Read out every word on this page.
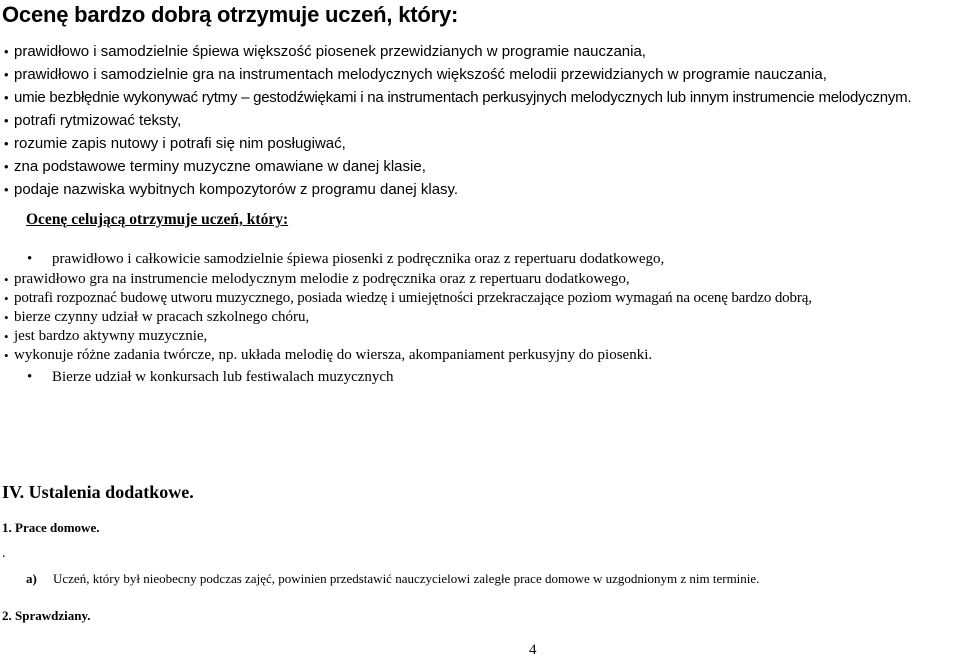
Ocenę bardzo dobrą otrzymuje uczeń, który:
• prawidłowo i samodzielnie śpiewa większość piosenek przewidzianych w programie nauczania,
• prawidłowo i samodzielnie gra na instrumentach melodycznych większość melodii przewidzianych w programie nauczania,
• umie bezbłędnie wykonywać rytmy – gestodźwiękami i na instrumentach perkusyjnych melodycznych lub innym instrumencie melodycznym.
• potrafi rytmizować teksty,
• rozumie zapis nutowy i potrafi się nim posługiwać,
• zna podstawowe terminy muzyczne omawiane w danej klasie,
• podaje nazwiska wybitnych kompozytorów z programu danej klasy.
Ocenę celującą otrzymuje uczeń, który:
• prawidłowo i całkowicie samodzielnie śpiewa piosenki z podręcznika oraz z repertuaru dodatkowego,
• prawidłowo gra na instrumencie melodycznym melodie z podręcznika oraz z repertuaru dodatkowego,
• potrafi rozpoznać budowę utworu muzycznego, posiada wiedzę i umiejętności przekraczające poziom wymagań na ocenę bardzo dobrą,
• bierze czynny udział w pracach szkolnego chóru,
• jest bardzo aktywny muzycznie,
• wykonuje różne zadania twórcze, np. układa melodię do wiersza, akompaniament perkusyjny do piosenki.
• Bierze udział w konkursach lub festiwalach muzycznych
IV. Ustalenia dodatkowe.
1. Prace domowe.
.
a) Uczeń, który był nieobecny podczas zajęć, powinien przedstawić nauczycielowi zaległe prace domowe w uzgodnionym z nim terminie.
2. Sprawdziany.
4
